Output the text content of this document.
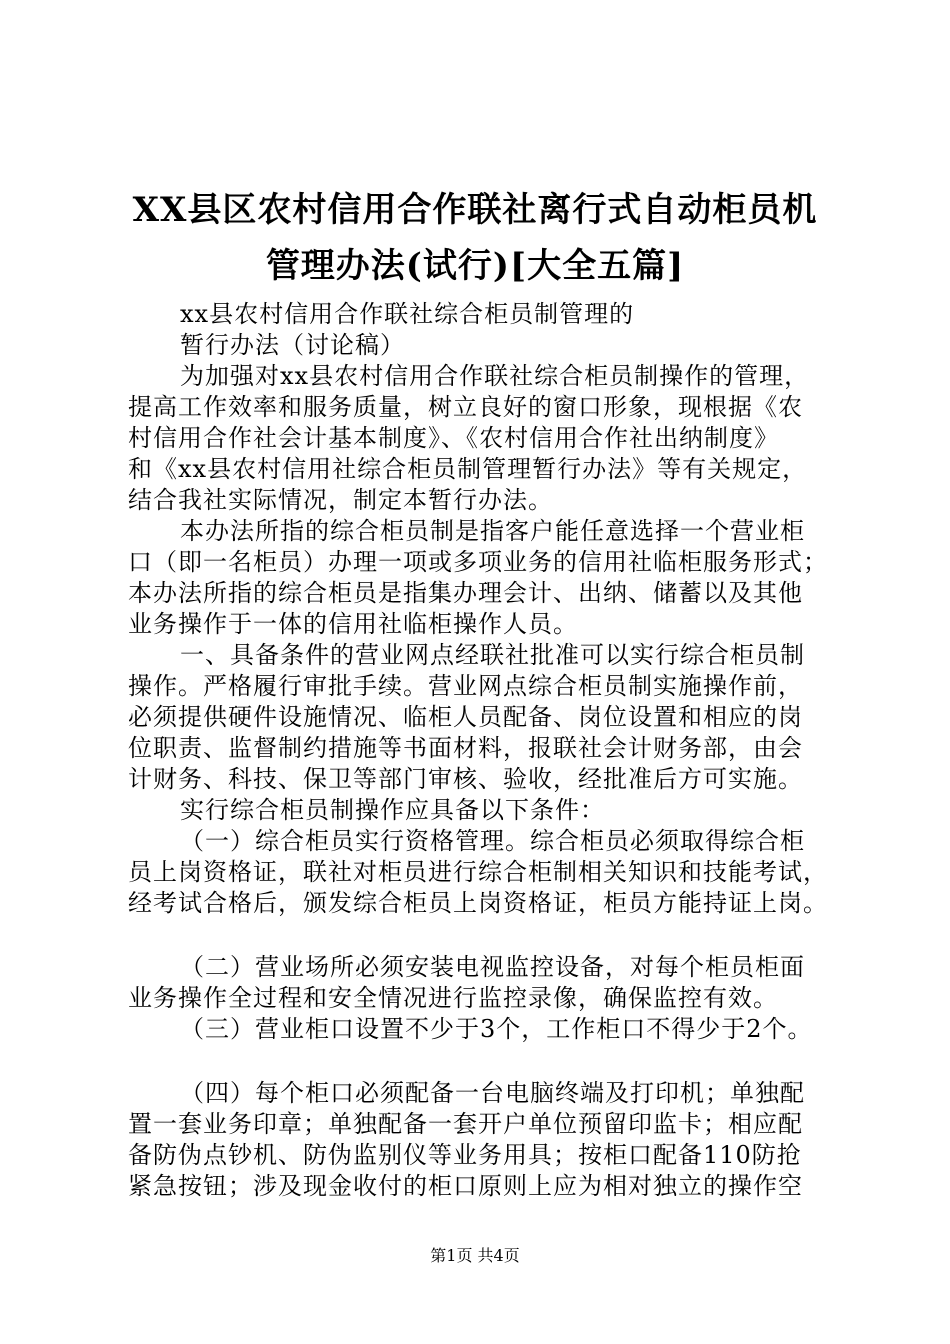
XX县区农村信用合作联社离行式自动柜员机
管理办法(试行)[大全五篇]
xx县农村信用合作联社综合柜员制管理的
暂行办法（讨论稿）
为加强对xx县农村信用合作联社综合柜员制操作的管理，
提高工作效率和服务质量，树立良好的窗口形象，现根据《农
村信用合作社会计基本制度》、《农村信用合作社出纳制度》
和《xx县农村信用社综合柜员制管理暂行办法》等有关规定，
结合我社实际情况，制定本暂行办法。
本办法所指的综合柜员制是指客户能任意选择一个营业柜
口（即一名柜员）办理一项或多项业务的信用社临柜服务形式；
本办法所指的综合柜员是指集办理会计、出纳、储蓄以及其他
业务操作于一体的信用社临柜操作人员。
一、具备条件的营业网点经联社批准可以实行综合柜员制
操作。严格履行审批手续。营业网点综合柜员制实施操作前，
必须提供硬件设施情况、临柜人员配备、岗位设置和相应的岗
位职责、监督制约措施等书面材料，报联社会计财务部，由会
计财务、科技、保卫等部门审核、验收，经批准后方可实施。
实行综合柜员制操作应具备以下条件：
（一）综合柜员实行资格管理。综合柜员必须取得综合柜
员上岗资格证，联社对柜员进行综合柜制相关知识和技能考试，
经考试合格后，颁发综合柜员上岗资格证，柜员方能持证上岗。
（二）营业场所必须安装电视监控设备，对每个柜员柜面
业务操作全过程和安全情况进行监控录像，确保监控有效。
（三）营业柜口设置不少于3个，工作柜口不得少于2个。
（四）每个柜口必须配备一台电脑终端及打印机；单独配
置一套业务印章；单独配备一套开户单位预留印监卡；相应配
备防伪点钞机、防伪监别仪等业务用具；按柜口配备110防抢
紧急按钮；涉及现金收付的柜口原则上应为相对独立的操作空
第1页 共4页
